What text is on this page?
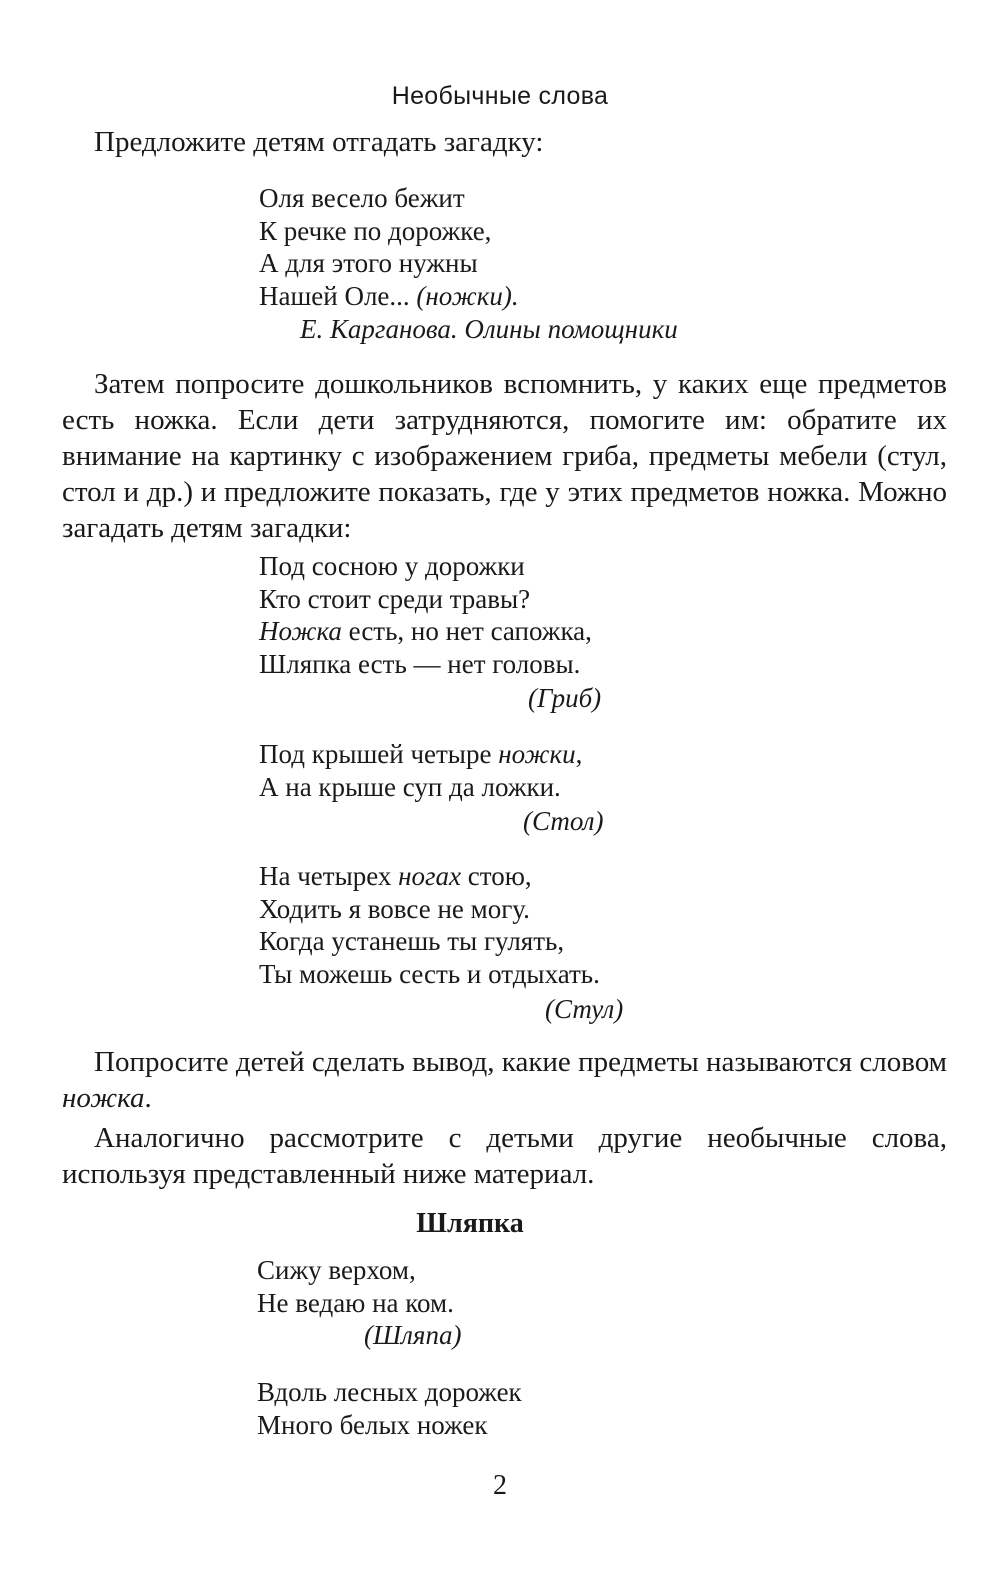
Необычные слова
Предложите детям отгадать загадку:
Оля весело бежит
К речке по дорожке,
А для этого нужны
Нашей Оле... (ножки).
Е. Карганова. Олины помощники
Затем попросите дошкольников вспомнить, у каких еще предметов есть ножка. Если дети затрудняются, помогите им: обратите их внимание на картинку с изображением гриба, предметы мебели (стул, стол и др.) и предложите показать, где у этих предметов ножка. Можно загадать детям загадки:
Под сосною у дорожки
Кто стоит среди травы?
Ножка есть, но нет сапожка,
Шляпка есть — нет головы.
(Гриб)
Под крышей четыре ножки,
А на крыше суп да ложки.
(Стол)
На четырех ногах стою,
Ходить я вовсе не могу.
Когда устанешь ты гулять,
Ты можешь сесть и отдыхать.
(Стул)
Попросите детей сделать вывод, какие предметы называются словом ножка.
Аналогично рассмотрите с детьми другие необычные слова, используя представленный ниже материал.
Шляпка
Сижу верхом,
Не ведаю на ком.
(Шляпа)
Вдоль лесных дорожек
Много белых ножек
2
